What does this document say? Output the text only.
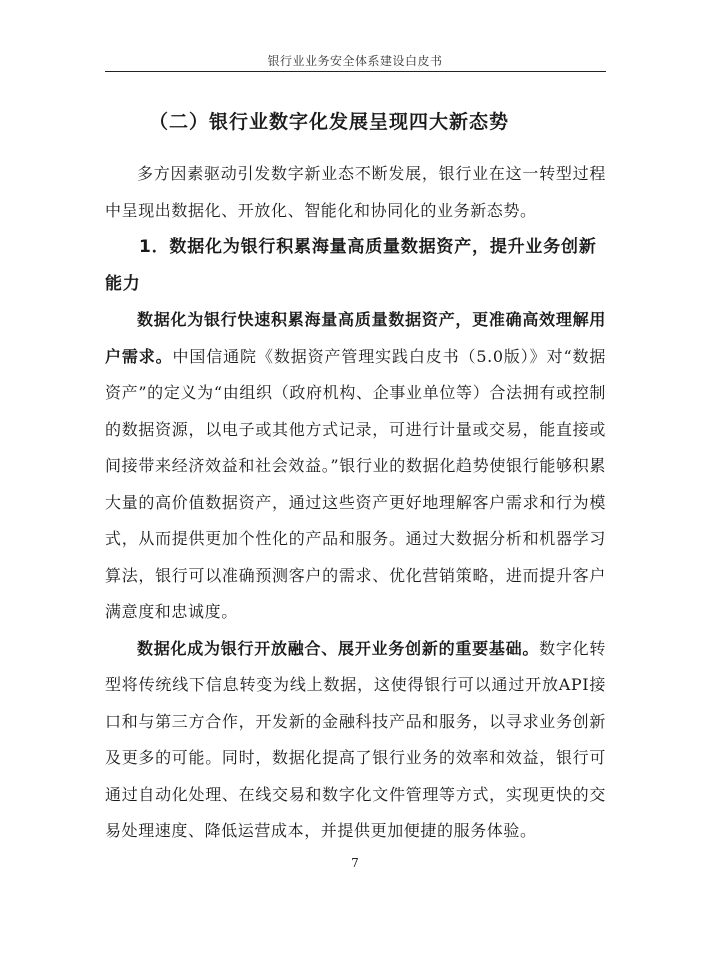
银行业业务安全体系建设白皮书
（二）银行业数字化发展呈现四大新态势

多方因素驱动引发数字新业态不断发展，银行业在这一转型过程中呈现出数据化、开放化、智能化和协同化的业务新态势。

1．数据化为银行积累海量高质量数据资产，提升业务创新能力

数据化为银行快速积累海量高质量数据资产，更准确高效理解用户需求。中国信通院《数据资产管理实践白皮书（5.0版）》对“数据资产”的定义为“由组织（政府机构、企事业单位等）合法拥有或控制的数据资源，以电子或其他方式记录，可进行计量或交易，能直接或间接带来经济效益和社会效益。”银行业的数据化趋势使银行能够积累大量的高价值数据资产，通过这些资产更好地理解客户需求和行为模式，从而提供更加个性化的产品和服务。通过大数据分析和机器学习算法，银行可以准确预测客户的需求、优化营销策略，进而提升客户满意度和忠诚度。

数据化成为银行开放融合、展开业务创新的重要基础。数字化转型将传统线下信息转变为线上数据，这使得银行可以通过开放API接口和与第三方合作，开发新的金融科技产品和服务，以寻求业务创新及更多的可能。同时，数据化提高了银行业务的效率和效益，银行可通过自动化处理、在线交易和数字化文件管理等方式，实现更快的交易处理速度、降低运营成本，并提供更加便捷的服务体验。

7
